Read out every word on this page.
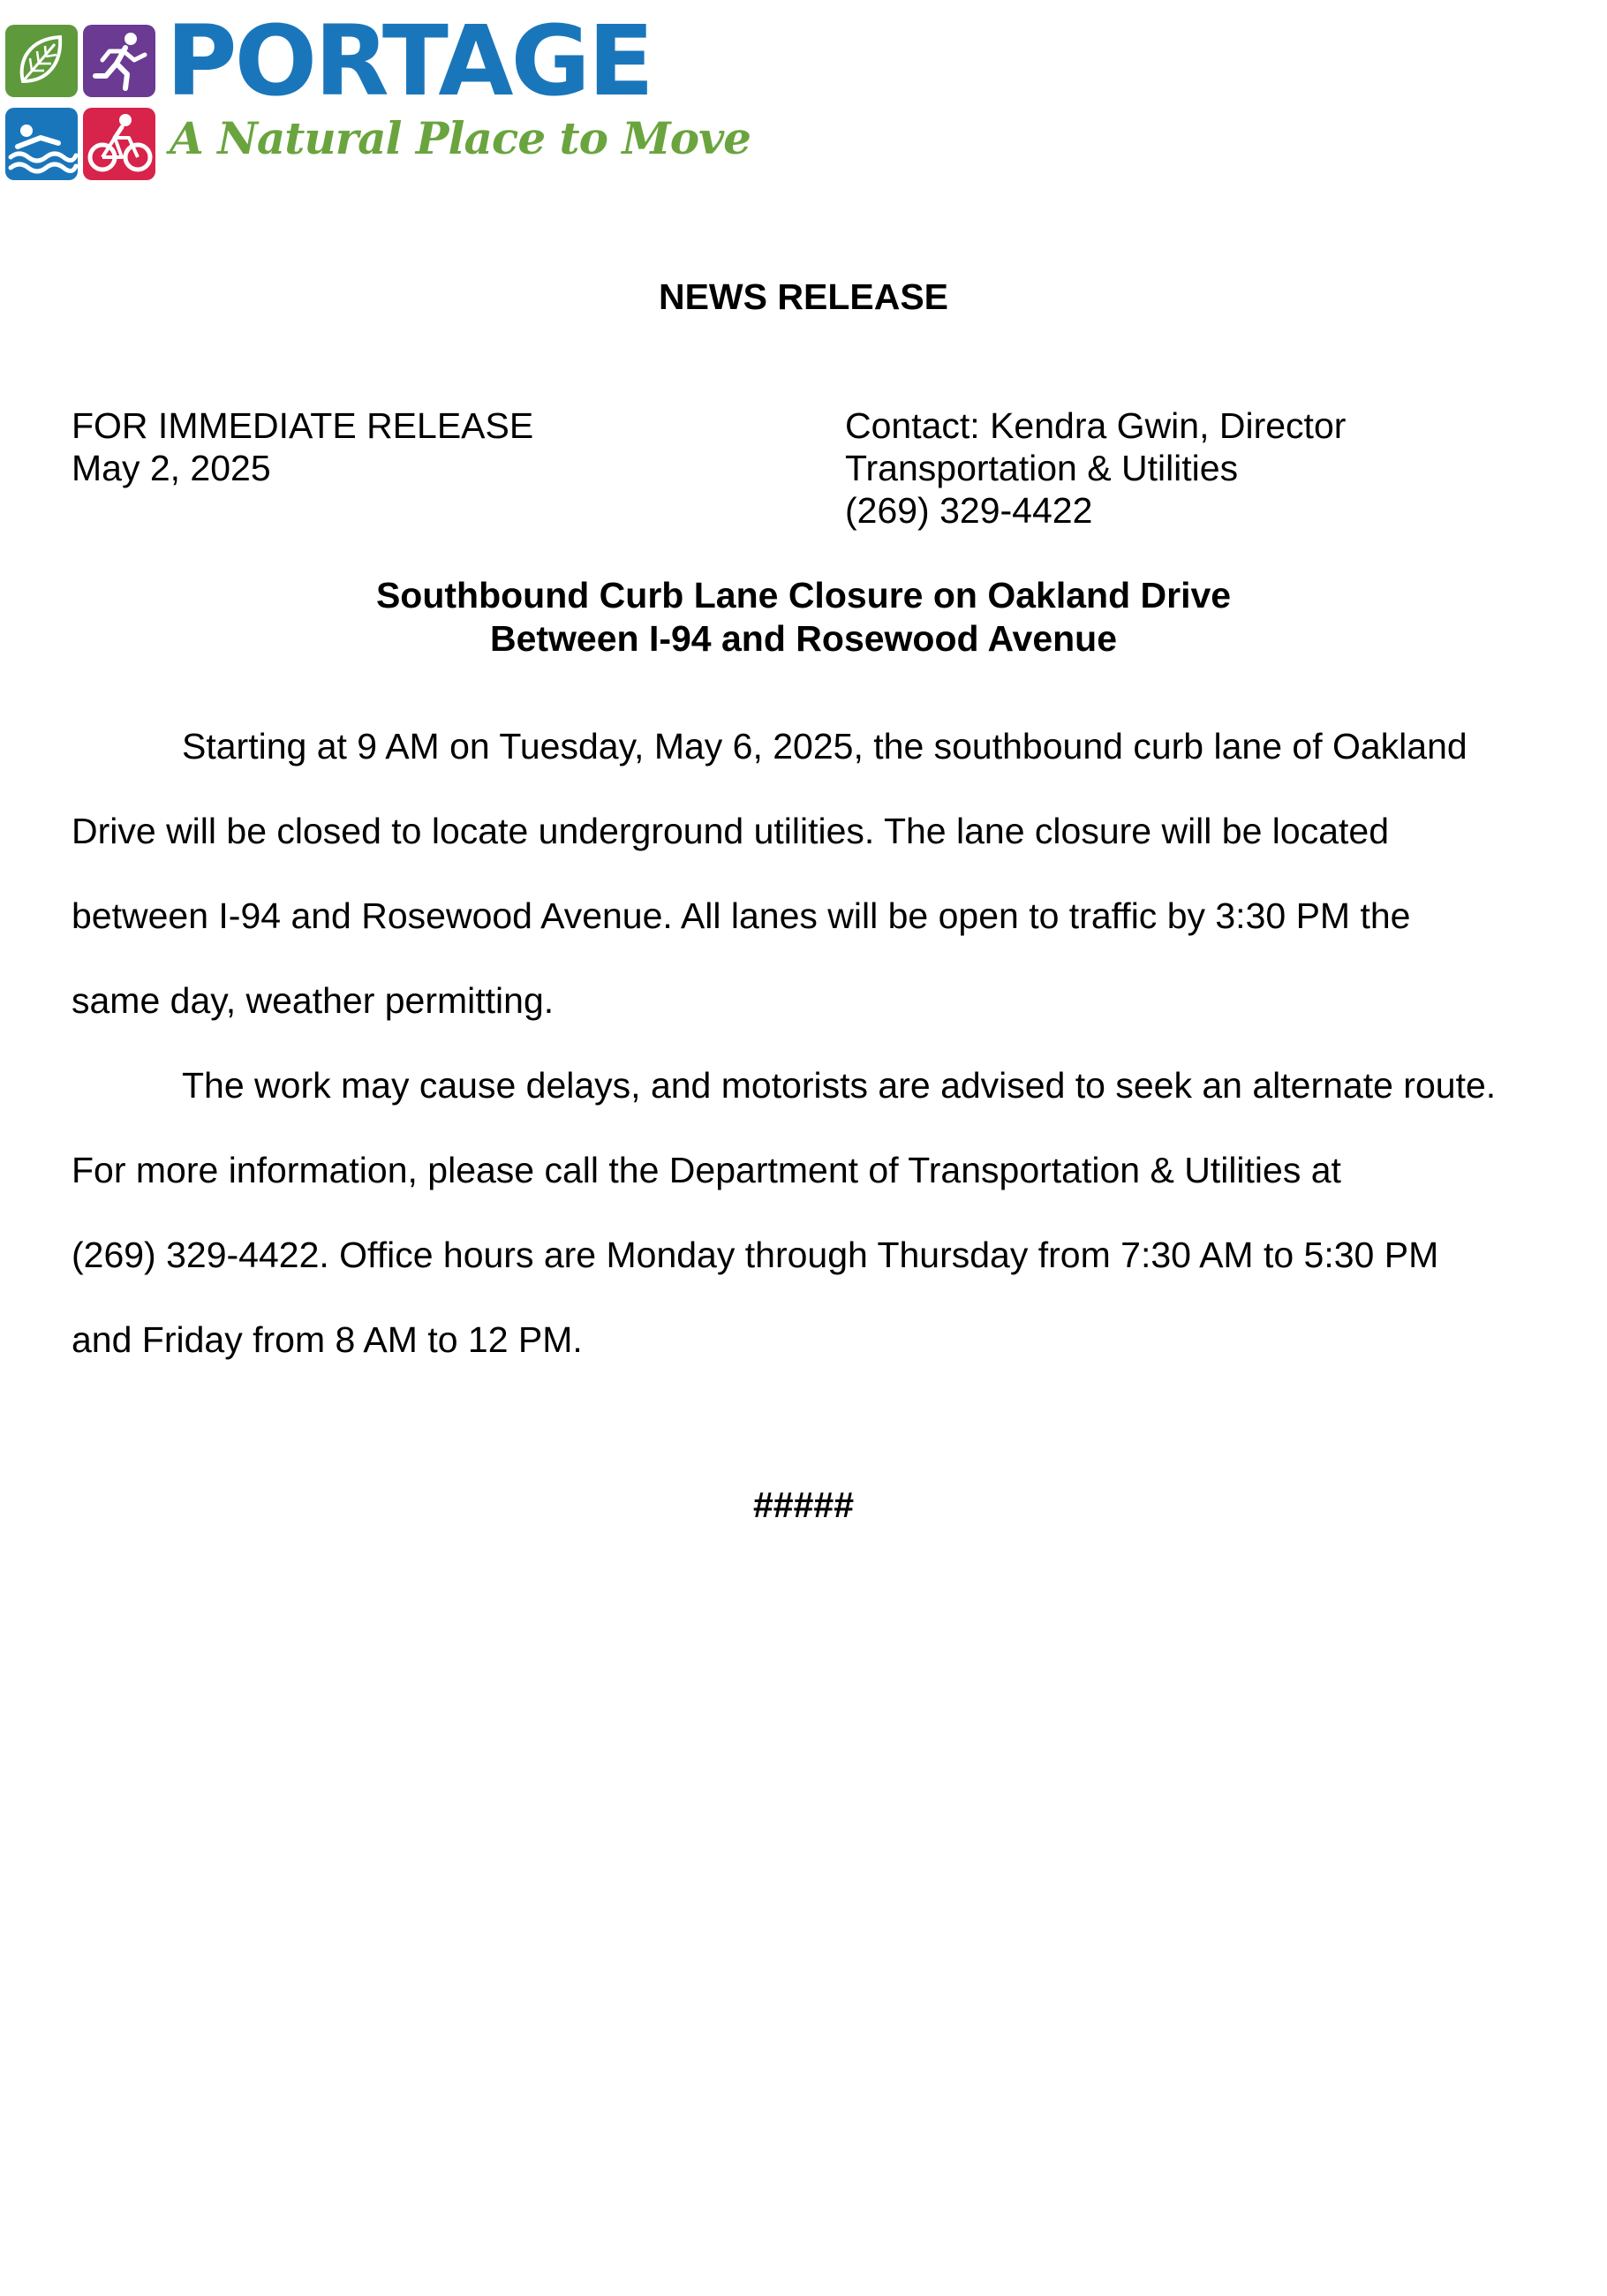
PORTAGE
A Natural Place to Move
NEWS RELEASE
FOR IMMEDIATE RELEASE
May 2, 2025
Contact: Kendra Gwin, Director
Transportation & Utilities
(269) 329-4422
Southbound Curb Lane Closure on Oakland Drive
Between I-94 and Rosewood Avenue
Starting at 9 AM on Tuesday, May 6, 2025, the southbound curb lane of Oakland
Drive will be closed to locate underground utilities. The lane closure will be located
between I-94 and Rosewood Avenue. All lanes will be open to traffic by 3:30 PM the
same day, weather permitting.
The work may cause delays, and motorists are advised to seek an alternate route.
For more information, please call the Department of Transportation & Utilities at
(269) 329-4422. Office hours are Monday through Thursday from 7:30 AM to 5:30 PM
and Friday from 8 AM to 12 PM.
#####
